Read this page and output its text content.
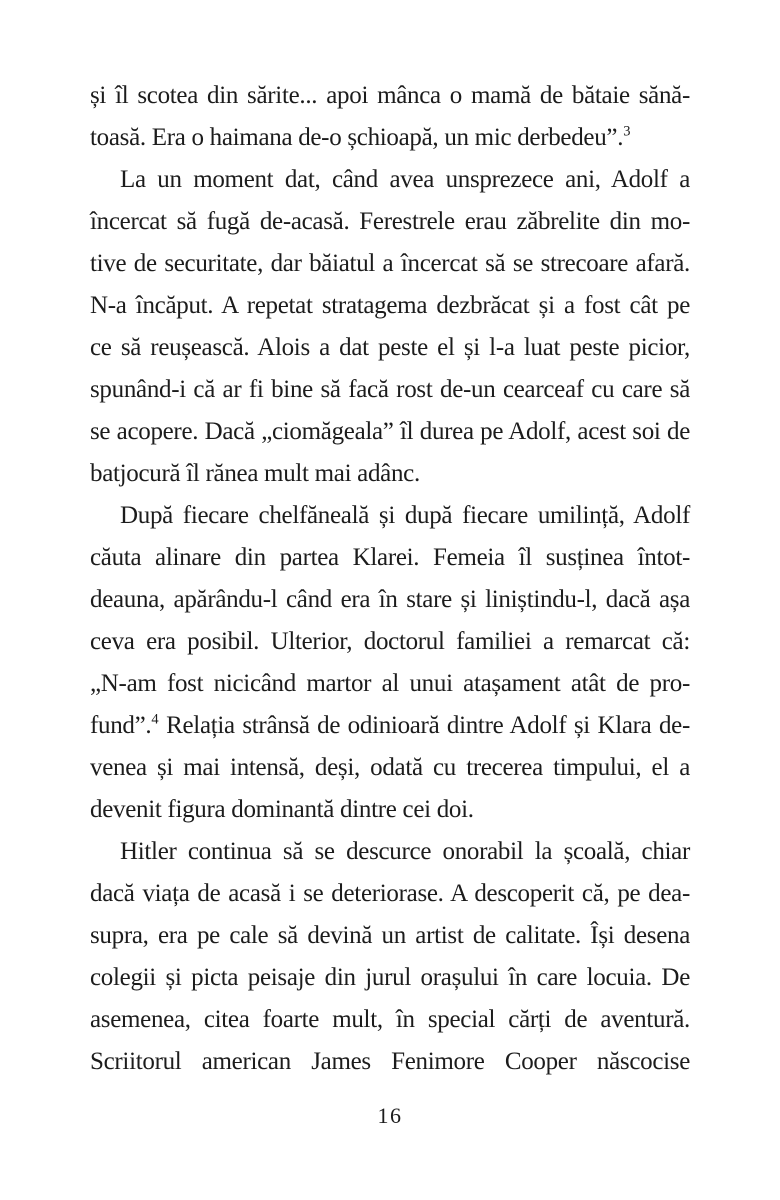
și îl scotea din sărite... apoi mânca o mamă de bătaie sănă-
toasă. Era o haimana de-o șchioapă, un mic derbedeu”.$^3$
La un moment dat, când avea unsprezece ani, Adolf a
încercat să fugă de-acasă. Ferestrele erau zăbrelite din mo-
tive de securitate, dar băiatul a încercat să se strecoare afară.
N-a încăput. A repetat stratagema dezbrăcat și a fost cât pe
ce să reușească. Alois a dat peste el și l-a luat peste picior,
spunând-i că ar fi bine să facă rost de-un cearceaf cu care să
se acopere. Dacă „ciomăgeala” îl durea pe Adolf, acest soi de
batjocură îl rănea mult mai adânc.
După fiecare chelfăneală și după fiecare umilință, Adolf
căuta alinare din partea Klarei. Femeia îl susținea întot-
deauna, apărându-l când era în stare și liniștindu-l, dacă așa
ceva era posibil. Ulterior, doctorul familiei a remarcat că:
„N-am fost nicicând martor al unui atașament atât de pro-
fund”.$^4$ Relația strânsă de odinioară dintre Adolf și Klara de-
venea și mai intensă, deși, odată cu trecerea timpului, el a
devenit figura dominantă dintre cei doi.
Hitler continua să se descurce onorabil la școală, chiar
dacă viața de acasă i se deteriorase. A descoperit că, pe dea-
supra, era pe cale să devină un artist de calitate. Își desena
colegii și picta peisaje din jurul orașului în care locuia. De
asemenea, citea foarte mult, în special cărți de aventură.
Scriitorul american James Fenimore Cooper născocise
16
